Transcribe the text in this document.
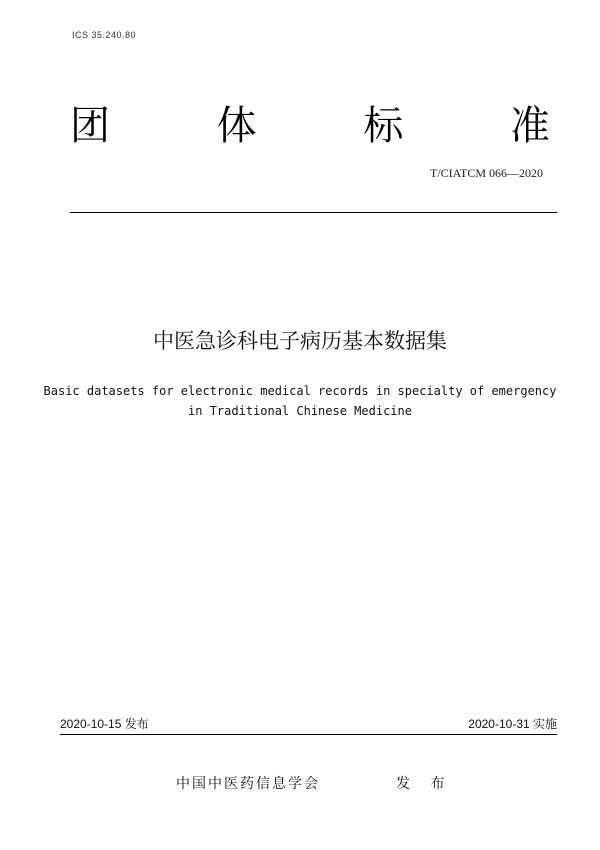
ICS 35.240.80
团	体	标	准
T/CIATCM 066—2020
中医急诊科电子病历基本数据集
Basic datasets for electronic medical records in specialty of emergency
in Traditional Chinese Medicine
2020-10-15 发布	2020-10-31 实施
中国中医药信息学会	发 布
